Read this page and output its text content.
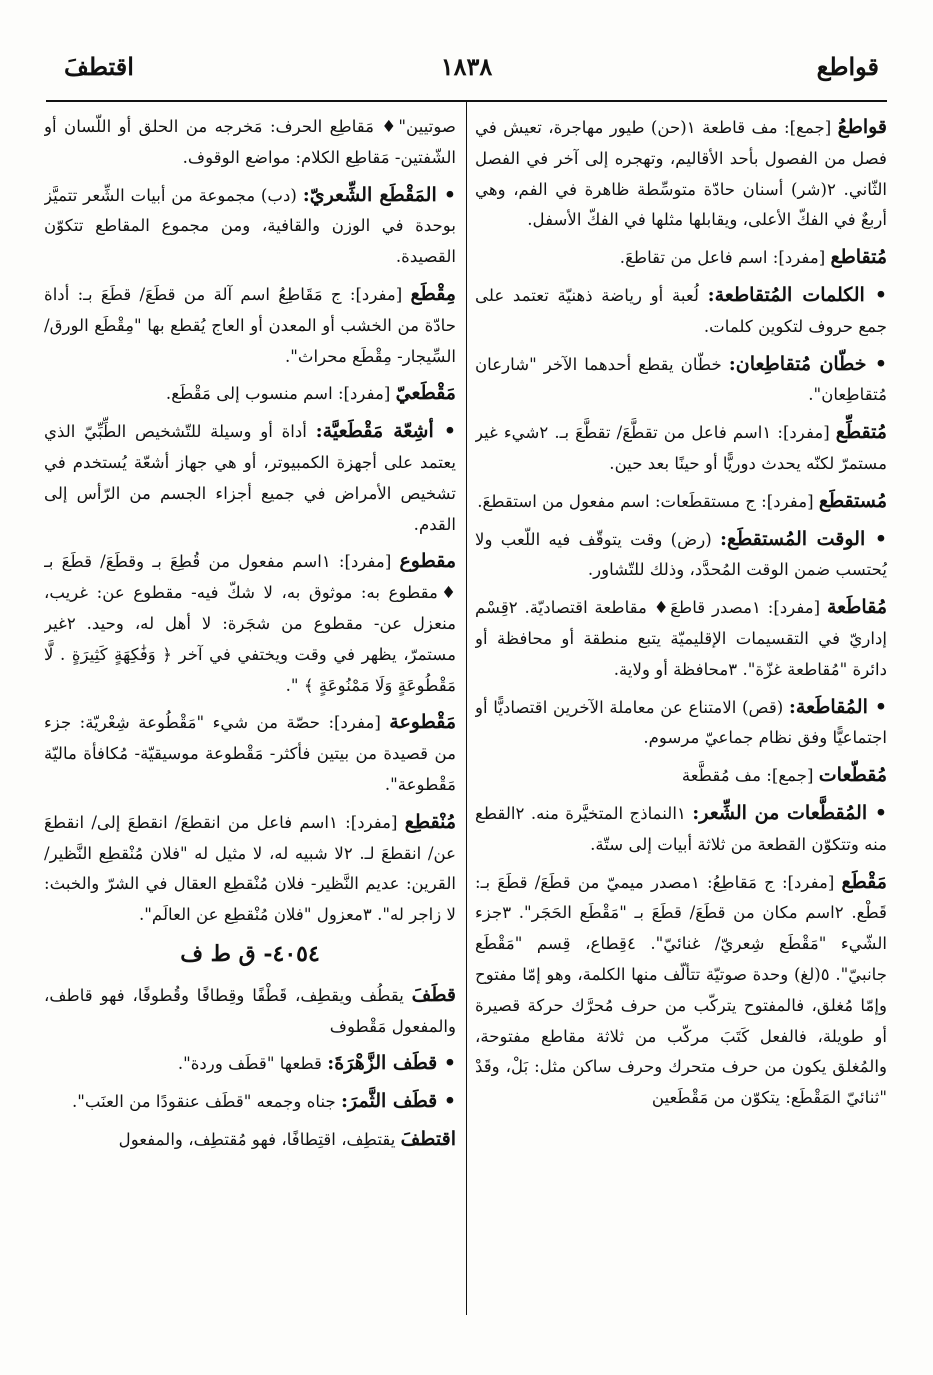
قواطع
١٨٣٨
اقتطفَ

قواطعُ [جمع]: مف قاطعة ١(حن) طيور مهاجرة، تعيش في فصل من الفصول بأحد الأقاليم، وتهجره إلى آخر في الفصل الثّاني. ٢(شر) أسنان حادّة متوسِّطة ظاهرة في الفم، وهي أربعٌ في الفكّ الأعلى، ويقابلها مثلها في الفكّ الأسفل.

مُتقاطع [مفرد]: اسم فاعل من تقاطعَ.

• الكلمات المُتقاطعة: لُعبة أو رياضة ذهنيّة تعتمد على جمع حروف لتكوين كلمات.

• خطّان مُتقاطِعان: خطّان يقطع أحدهما الآخر "شارعان مُتقاطِعان".

مُتقطِّع [مفرد]: ١اسم فاعل من تقطَّعَ/ تقطَّعَ بـ. ٢شيء غير مستمرّ لكنّه يحدث دوريًّا أو حينًا بعد حين.

مُستقطَع [مفرد]: ج مستقطَعات: اسم مفعول من استقطعَ.

• الوقت المُستقطَع: (رض) وقت يتوقّف فيه اللّعب ولا يُحتسب ضمن الوقت المُحدَّد، وذلك للتّشاور.

مُقاطَعة [مفرد]: ١مصدر قاطعَ♦ مقاطعة اقتصاديّة. ٢قِسْم إداريّ في التقسيمات الإقليميّة يتبع منطقة أو محافظة أو دائرة "مُقاطعة غزّة". ٣محافظة أو ولاية.

• المُقاطَعة: (قص) الامتناع عن معاملة الآخرين اقتصاديًّا أو اجتماعيًّا وفق نظام جماعيّ مرسوم.

مُقطّعات [جمع]: مف مُقطَّعة

• المُقطَّعات من الشِّعر: ١النماذج المتخيَّرة منه. ٢القطع منه وتتكوّن القطعة من ثلاثة أبيات إلى ستّة.

مَقْطَع [مفرد]: ج مَقاطِعُ: ١مصدر ميميّ من قطَعَ/ قطَعَ بـ: قَطْع. ٢اسم مكان من قطَعَ/ قطَعَ بـ "مَقْطَع الحَجَر". ٣جزء الشّيء "مَقْطَع شِعريّ/ غنائيّ". ٤قِطاع، قِسم "مَقْطَع جانبيّ". ٥(لغ) وحدة صوتيّة تتألّف منها الكلمة، وهو إمّا مفتوح وإمّا مُغلق، فالمفتوح يتركّب من حرف مُحرَّك حركة قصيرة أو طويلة، فالفعل كَتَبَ مركّب من ثلاثة مقاطع مفتوحة، والمُغلق يكون من حرف متحرك وحرف ساكن مثل: بَلْ، وقَدْ "ثنائيّ المَقْطَع: يتكوّن من مَقْطَعين

صوتيين"♦ مَقاطِع الحرف: مَخرجه من الحلق أو اللّسان أو الشّفتين- مَقاطِع الكلام: مواضع الوقوف.

• المَقْطَع الشِّعريّ: (دب) مجموعة من أبيات الشِّعر تتميَّز بوحدة في الوزن والقافية، ومن مجموع المقاطع تتكوّن القصيدة.

مِقْطَع [مفرد]: ج مَقَاطِعُ اسم آلة من قطَعَ/ قطَعَ بـ: أداة حادّة من الخشب أو المعدن أو العاج يُقطع بها "مِقْطَع الورق/ السِّيجار- مِقْطَع محراث".

مَقْطَعيّ [مفرد]: اسم منسوب إلى مَقْطَع.

• أشِعّة مَقْطَعيَّة: أداة أو وسيلة للتّشخيص الطِّبِّيّ الذي يعتمد على أجهزة الكمبيوتر، أو هي جهاز أشعّة يُستخدم في تشخيص الأمراض في جميع أجزاء الجسم من الرّأس إلى القدم.

مقطوع [مفرد]: ١اسم مفعول من قُطِعَ بـ وقطَعَ/ قطَعَ بـ ♦مقطوع به: موثوق به، لا شكّ فيه- مقطوع عن: غريب، منعزل عن- مقطوع من شجَرة: لا أهل له، وحيد. ٢غير مستمرّ، يظهر في وقت ويختفي في آخر ﴿ وَفَٰكِهَةٍ كَثِيرَةٍ . لَّا مَقْطُوعَةٍ وَلَا مَمْنُوعَةٍ ﴾ ".

مَقْطوعة [مفرد]: حصّة من شيء "مَقْطُوعة شِعْريّة: جزء من قصيدة من بيتين فأكثر- مَقْطوعة موسيقيّة- مُكافأة ماليّة مَقْطوعة".

مُنْقطِع [مفرد]: ١اسم فاعل من انقطعَ/ انقطعَ إلى/ انقطعَ عن/ انقطعَ لـ. ٢لا شبيه له، لا مثيل له "فلان مُنْقطِع النَّظير/ القرين: عديم النَّظير- فلان مُنْقطِع العقال في الشرّ والخبث: لا زاجر له". ٣معزول "فلان مُنْقطِع عن العالَم".

٤٠٥٤- ق ط ف

قطَفَ يقطُف ويقطِف، قَطْفًا وقِطافًا وقُطوفًا، فهو قاطف، والمفعول مَقْطوف

• قطَف الزَّهْرَةَ: قطعها "قطَف وردة".

• قطَف الثَّمرَ: جناه وجمعه "قطَف عنقودًا من العنَب".

اقتطفَ يقتطِف، اقتِطافًا، فهو مُقتطِف، والمفعول
